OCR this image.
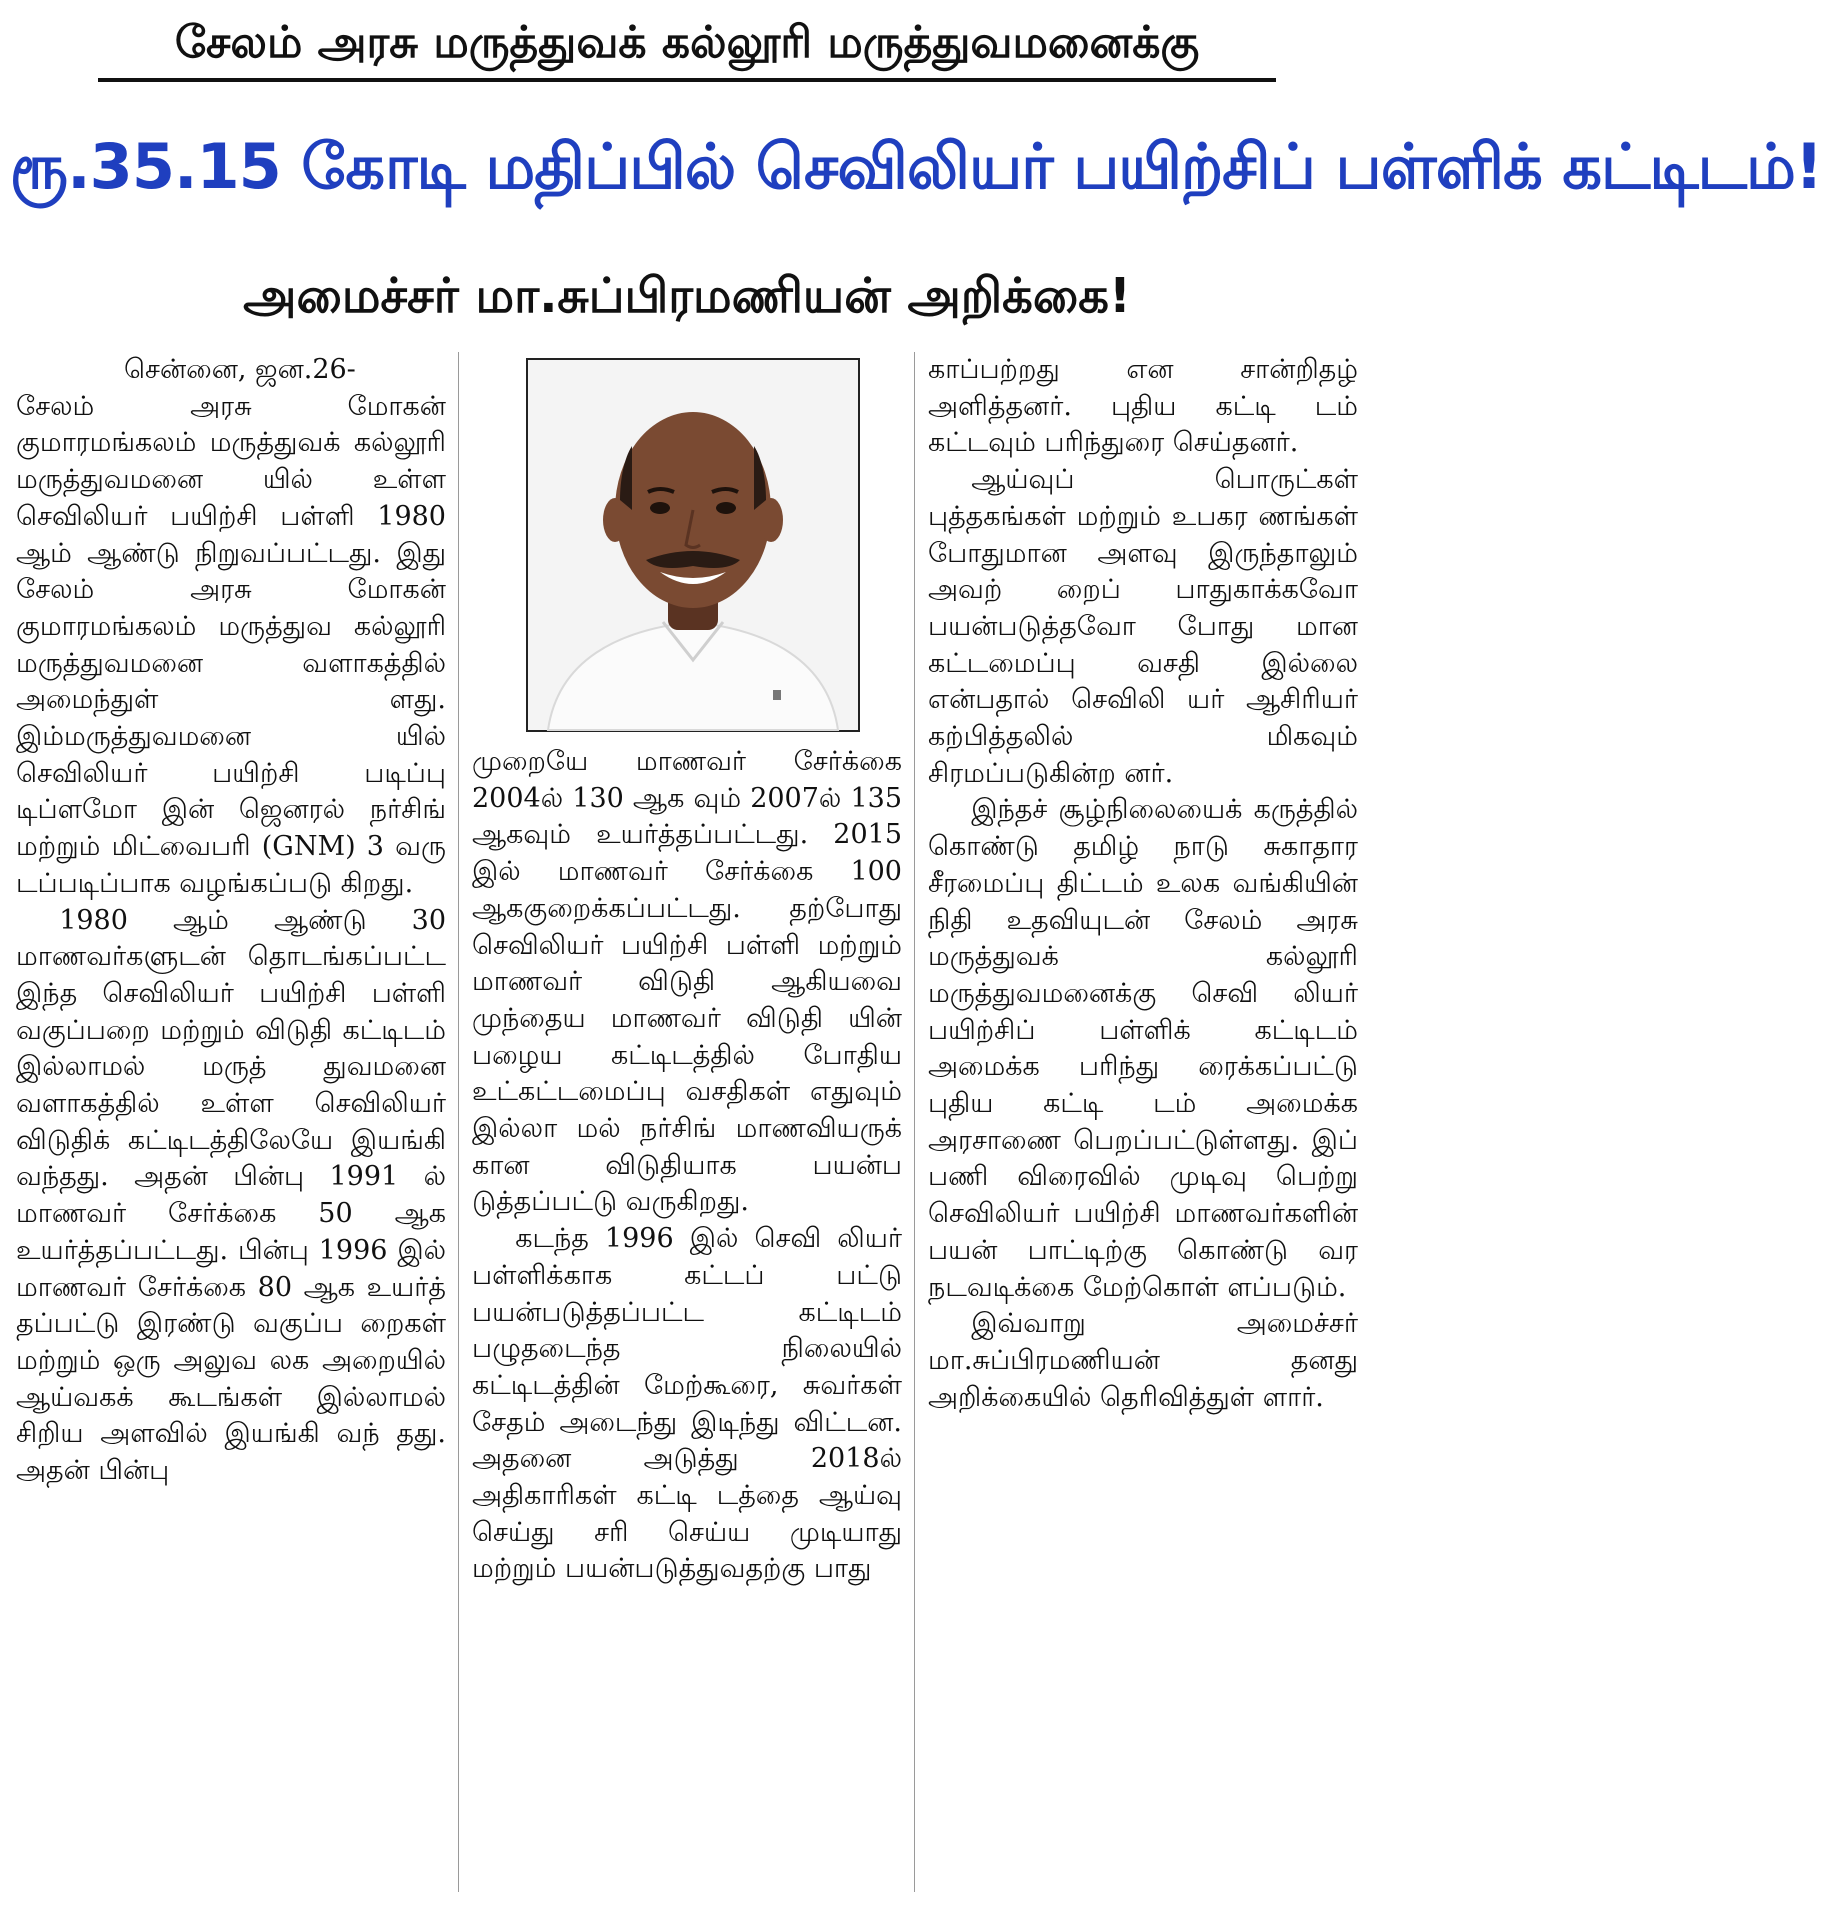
சேலம் அரசு மருத்துவக் கல்லூரி மருத்துவமனைக்கு
ரூ.35.15 கோடி மதிப்பில் செவிலியர் பயிற்சிப் பள்ளிக் கட்டிடம்!
அமைச்சர் மா.சுப்பிரமணியன் அறிக்கை!
சென்னை, ஜன.26-

சேலம் அரசு மோகன் குமாரமங்கலம் மருத்துவக் கல்லூரி மருத்துவமனை யில் உள்ள செவிலியர் பயிற்சி பள்ளி 1980 ஆம் ஆண்டு நிறுவப்பட்டது. இது சேலம் அரசு மோகன் குமாரமங்கலம் மருத்துவ கல்லூரி மருத்துவமனை வளாகத்தில் அமைந்துள் ளது. இம்மருத்துவமனை யில் செவிலியர் பயிற்சி படிப்பு டிப்ளமோ இன் ஜெனரல் நர்சிங் மற்றும் மிட்வைபரி (GNM) 3 வரு டப்படிப்பாக வழங்கப்படு கிறது.

1980 ஆம் ஆண்டு 30 மாணவர்களுடன் தொடங்கப்பட்ட இந்த செவிலியர் பயிற்சி பள்ளி வகுப்பறை மற்றும் விடுதி கட்டிடம் இல்லாமல் மருத் துவமனை வளாகத்தில் உள்ள செவிலியர் விடுதிக் கட்டிடத்திலேயே இயங்கி வந்தது. அதன் பின்பு 1991 ல் மாணவர் சேர்க்கை 50 ஆக உயர்த்தப்பட்டது. பின்பு 1996 இல் மாணவர் சேர்க்கை 80 ஆக உயர்த் தப்பட்டு இரண்டு வகுப்ப றைகள் மற்றும் ஒரு அலுவ லக அறையில் ஆய்வகக் கூடங்கள் இல்லாமல் சிறிய அளவில் இயங்கி வந் தது. அதன் பின்பு

முறையே மாணவர் சேர்க்கை 2004ல் 130 ஆக வும் 2007ல் 135 ஆகவும் உயர்த்தப்பட்டது. 2015 இல் மாணவர் சேர்க்கை 100 ஆககுறைக்கப்பட்டது. தற்போது செவிலியர் பயிற்சி பள்ளி மற்றும் மாணவர் விடுதி ஆகியவை முந்தைய மாணவர் விடுதி யின் பழைய கட்டிடத்தில் போதிய உட்கட்டமைப்பு வசதிகள் எதுவும் இல்லா மல் நர்சிங் மாணவியருக் கான விடுதியாக பயன்ப டுத்தப்பட்டு வருகிறது.

கடந்த 1996 இல் செவி லியர் பள்ளிக்காக கட்டப் பட்டு பயன்படுத்தப்பட்ட கட்டிடம் பழுதடைந்த நிலையில் கட்டிடத்தின் மேற்கூரை, சுவர்கள் சேதம் அடைந்து இடிந்து விட்டன. அதனை அடுத்து 2018ல் அதிகாரிகள் கட்டி டத்தை ஆய்வு செய்து சரி செய்ய முடியாது மற்றும் பயன்படுத்துவதற்கு பாது

காப்பற்றது என சான்றிதழ் அளித்தனர். புதிய கட்டி டம் கட்டவும் பரிந்துரை செய்தனர்.

ஆய்வுப் பொருட்கள் புத்தகங்கள் மற்றும் உபகர ணங்கள் போதுமான அளவு இருந்தாலும் அவற் றைப் பாதுகாக்கவோ பயன்படுத்தவோ போது மான கட்டமைப்பு வசதி இல்லை என்பதால் செவிலி யர் ஆசிரியர் கற்பித்தலில் மிகவும் சிரமப்படுகின்ற னர்.

இந்தச் சூழ்நிலையைக் கருத்தில் கொண்டு தமிழ் நாடு சுகாதார சீரமைப்பு திட்டம் உலக வங்கியின் நிதி உதவியுடன் சேலம் அரசு மருத்துவக் கல்லூரி மருத்துவமனைக்கு செவி லியர் பயிற்சிப் பள்ளிக் கட்டிடம் அமைக்க பரிந்து ரைக்கப்பட்டு புதிய கட்டி டம் அமைக்க அரசாணை பெறப்பட்டுள்ளது. இப் பணி விரைவில் முடிவு பெற்று செவிலியர் பயிற்சி மாணவர்களின் பயன் பாட்டிற்கு கொண்டு வர நடவடிக்கை மேற்கொள் ளப்படும்.

இவ்வாறு அமைச்சர் மா.சுப்பிரமணியன் தனது அறிக்கையில் தெரிவித்துள் ளார்.
